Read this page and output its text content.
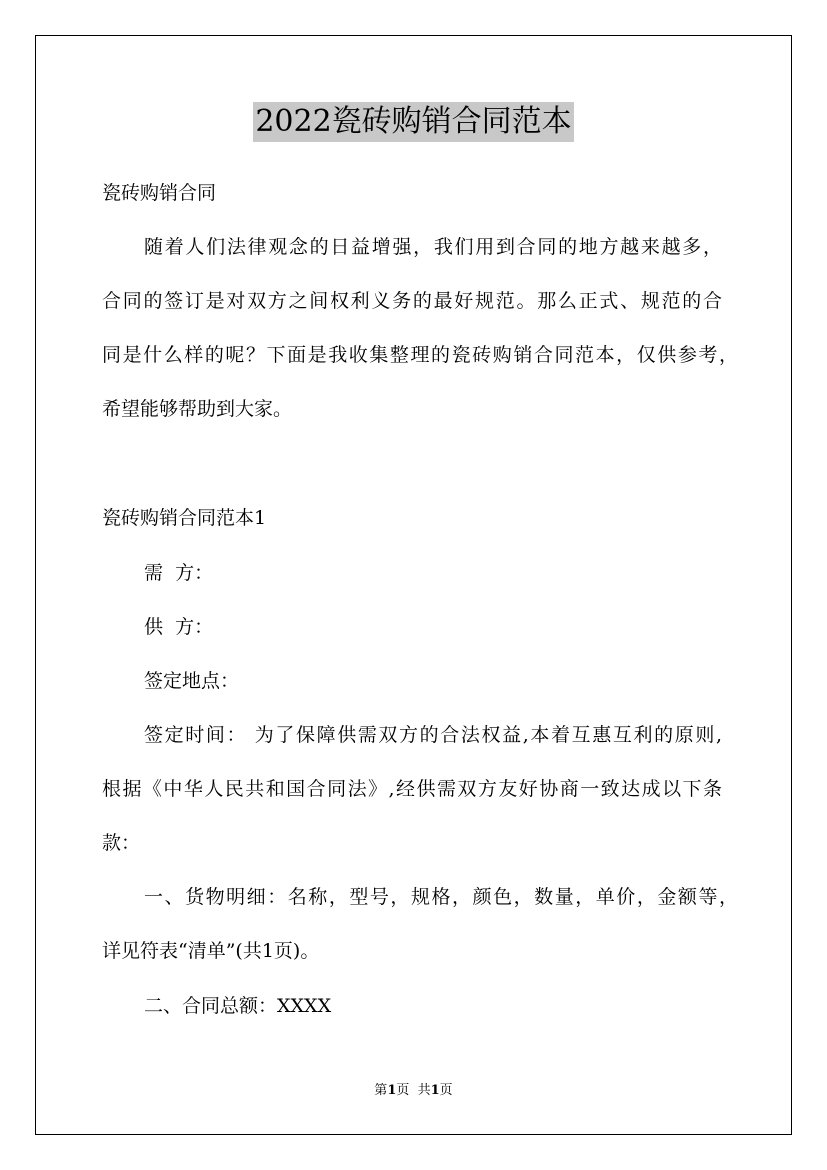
2022瓷砖购销合同范本
瓷砖购销合同
随着人们法律观念的日益增强，我们用到合同的地方越来越多，
合同的签订是对双方之间权利义务的最好规范。那么正式、规范的合
同是什么样的呢？下面是我收集整理的瓷砖购销合同范本，仅供参考，
希望能够帮助到大家。
瓷砖购销合同范本1
需  方：
供  方：
签定地点：
签定时间： 为了保障供需双方的合法权益,本着互惠互利的原则,
根据《中华人民共和国合同法》,经供需双方友好协商一致达成以下条
款：
一、货物明细：名称，型号，规格，颜色，数量，单价，金额等，
详见符表“清单”(共1页)。
二、合同总额：XXXX
第1页  共1页
